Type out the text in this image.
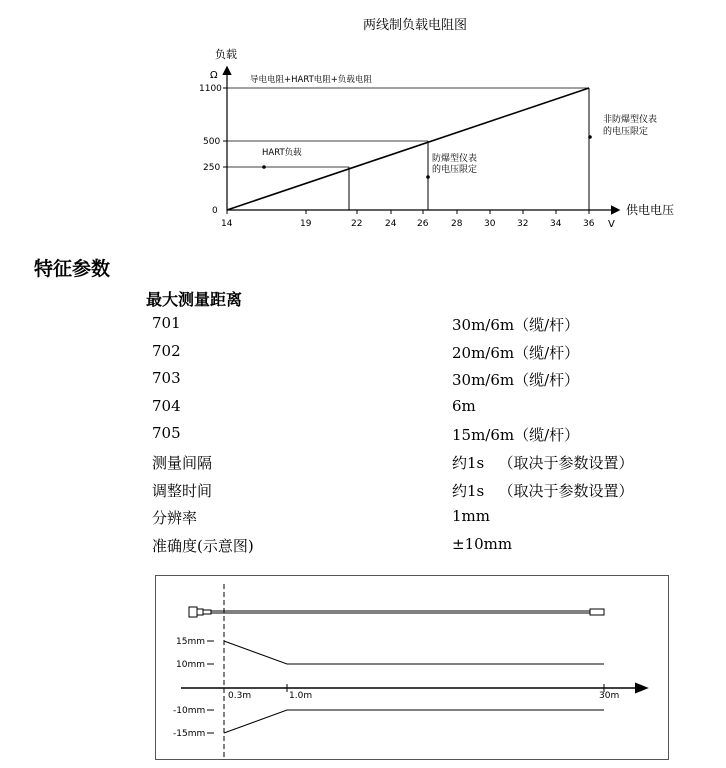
两线制负载电阻图
负载
Ω
供电电压
V
1100
500
250
0
14	19	22	24 26	28 30 32 34 36
导电电阻+HART电阻+负载电阻
HART负载
防爆型仪表
的电压限定
非防爆型仪表
的电压限定
特征参数
最大测量距离
701	30m/6m（缆/杆）
702	20m/6m（缆/杆）
703	30m/6m（缆/杆）
704	6m
705	15m/6m（缆/杆）
测量间隔	约1s   （取决于参数设置）
调整时间	约1s   （取决于参数设置）
分辨率	1mm
准确度(示意图)	±10mm
15mm
10mm
-10mm
-15mm
0.3m	1.0m	30m
